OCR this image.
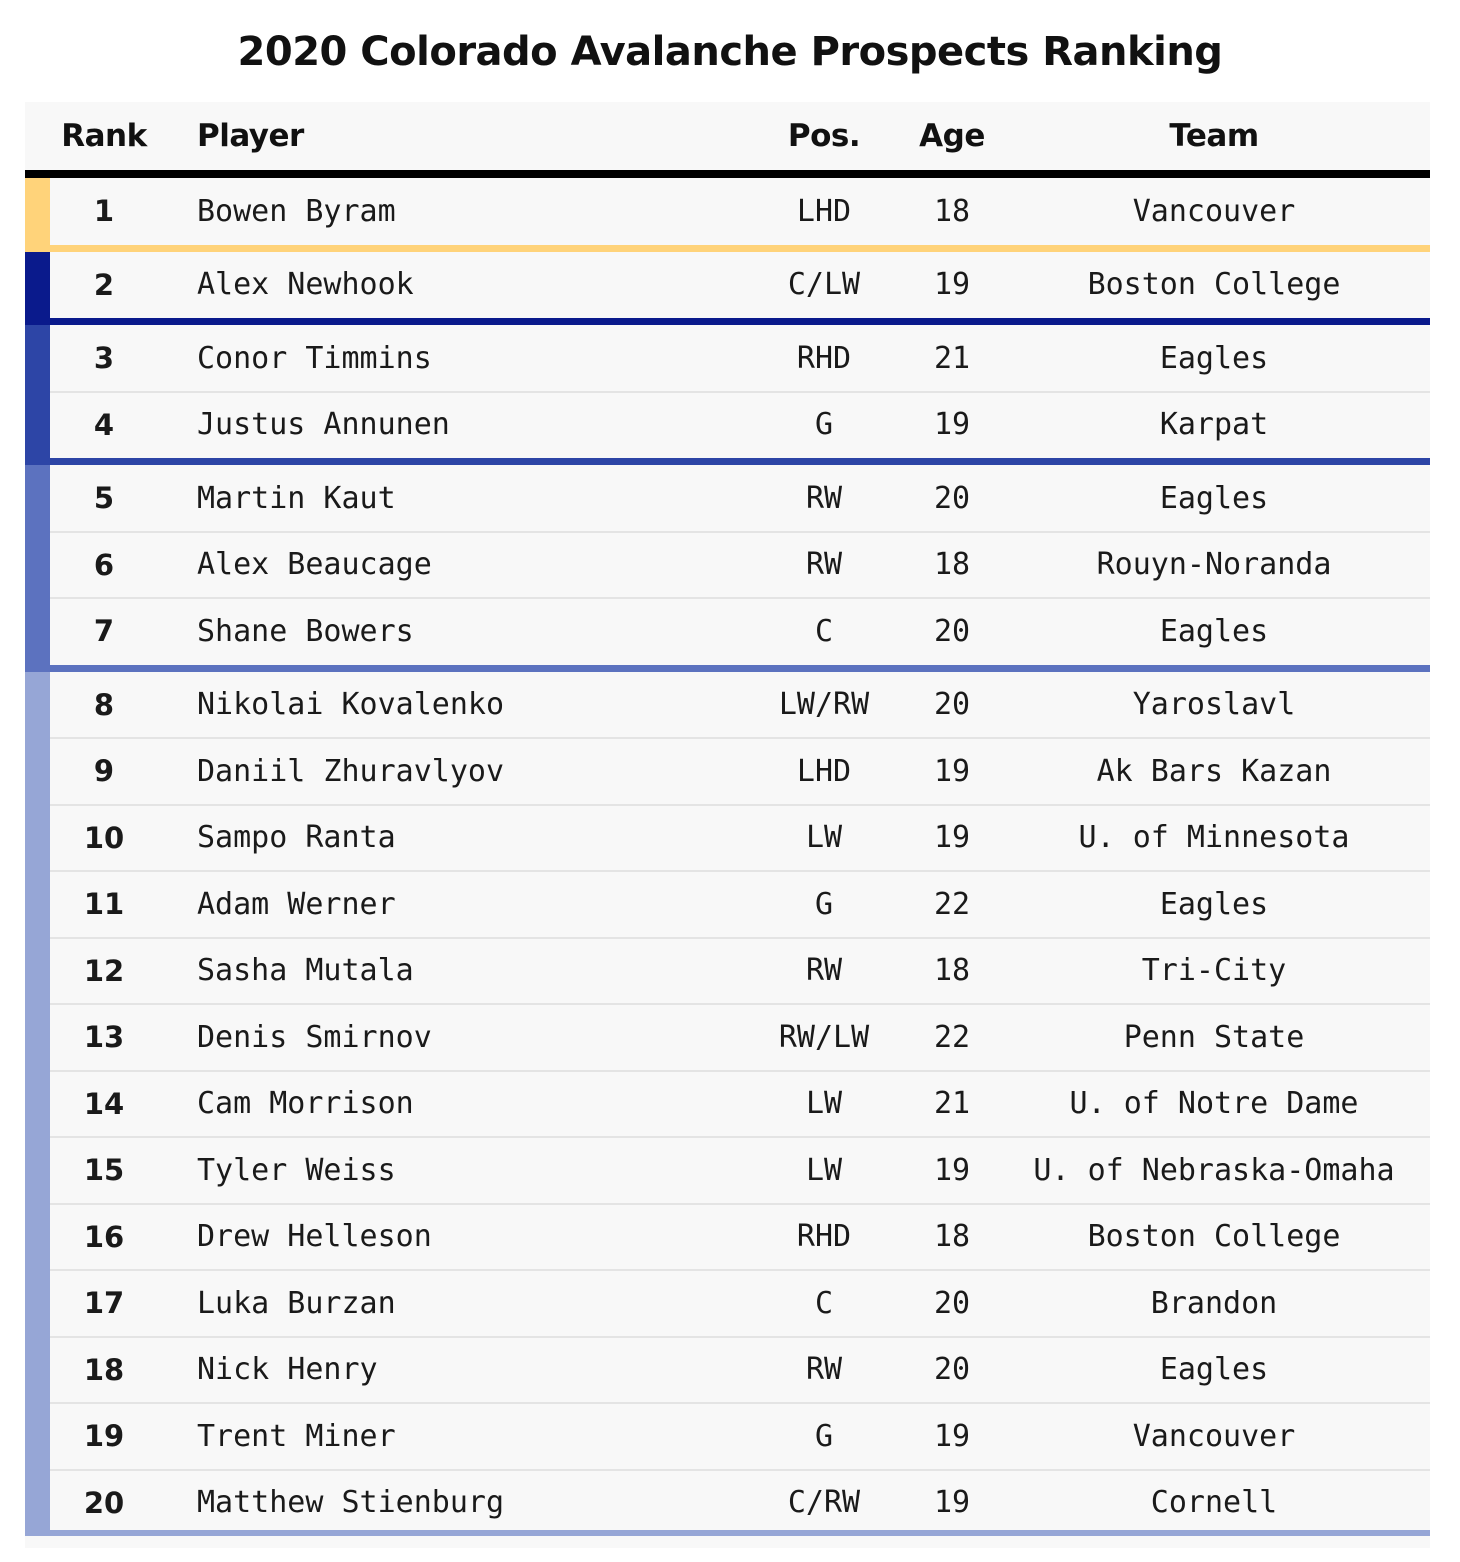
2020 Colorado Avalanche Prospects Ranking
Rank Player	Pos. Age	Team
1	Bowen Byram	LHD	18	Vancouver
2	Alex Newhook	C/LW 19	Boston College
3	Conor Timmins	RHD	21	Eagles
4	Justus Annunen	G	19	Karpat
5	Martin Kaut	RW	20	Eagles
6	Alex Beaucage	RW	18	Rouyn-Noranda
7	Shane Bowers	C	20	Eagles
8	Nikolai Kovalenko	LW/RW 20	Yaroslavl
9	Daniil Zhuravlyov	LHD	19	Ak Bars Kazan
10 Sampo Ranta	LW	19	U. of Minnesota
11 Adam Werner	G	22	Eagles
12 Sasha Mutala	RW	18	Tri-City
13 Denis Smirnov	RW/LW 22	Penn State
14 Cam Morrison	LW	21	U. of Notre Dame
15 Tyler Weiss	LW	19 U. of Nebraska-Omaha
16 Drew Helleson	RHD	18	Boston College
17 Luka Burzan	C	20	Brandon
18 Nick Henry	RW	20	Eagles
19 Trent Miner	G	19	Vancouver
20 Matthew Stienburg	C/RW 19	Cornell
